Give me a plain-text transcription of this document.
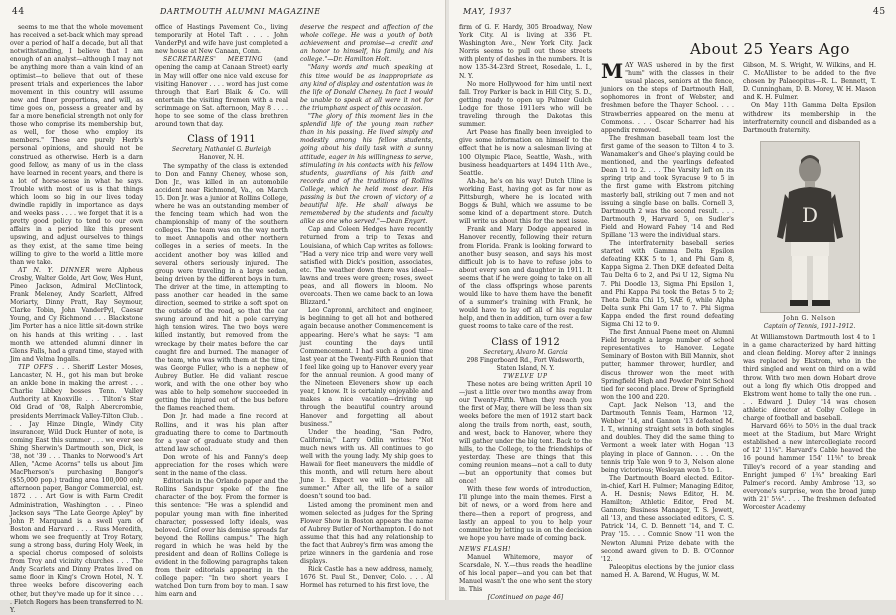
44	DARTMOUTH ALUMNI MAGAZINE

seems to me that the whole movement has received a set-back which may spread over a period of half a decade, but all that notwithstanding, I believe that I am enough of an analyst—although I may not be anything more than a vain kind of an optimist—to believe that out of these present trials and experiences the labor movement in this country will assume new and finer proportions, and will, as time goes on, possess a greater and by far a more beneficial strength not only for those who comprise its membership but, as well, for those who employ its members." These are purely Herb's personal opinions, and should not be construed as otherwise. Herb is a darn good fellow, as many of us in the class have learned in recent years, and there is a lot of horse-sense in what he says. Trouble with most of us is that things which loom so big in our lives today dwindle rapidly in importance as days and weeks pass . . . . we forget that it is a pretty good policy to tend to our own affairs in a period like this present upswing, and adjust ourselves to things as they exist, at the same time being willing to give to the world a little more than we take.

AT N. Y. DINNER were Alpheus Crosby, Walter Golde, Art Gow, Wes Hunt, Pineo Jackson, Admiral McClintock, Frank Meleney, Andy Scarlett, Alfred Moriarty, Dinny Pratt, Ray Seymour, Clarke Tobin, John VanderPyl, Caesar Young, and Cy Richmond . . . Blackstone Jim Porter has a nice little sit-down strike on his hands at this writing . . . last month we attended alumni dinner in Glens Falls, had a grand time, stayed with Jim and Velma Ingalls.

TIP OFFS . . . Sheriff Lester Moses, Lancaster, N. H., got his man but broke an ankle bone in making the arrest . . . Charlie Libbey bosses Tenn. Valley Authority at Knoxville . . . Tilton's Star Old Grad of '08, Ralph Abercrombie, presidents Merrimack Valley-Tilton Club. . . . Jay Hinze Dingle, Windy City insurancer, Wild Duck Hunter of note, is coming East this summer . . . we ever see Shing Sherwin's Dartmouth son, Dick, is '38, not '39 . . . Thanks to Norwood's Art Allen, "Acme Acorns" tells us about Jim MacPherson's purchasing Bangor's ($55,000 pop.) trading area 100,000 only afternoon paper, Bangor Commercial, est. 1872 . . . Art Gow is with Farm Credit Administration, Washington . . . Pineo Jackson says "The Late George Apley" by John P. Marquand is a swell yarn of Boston and Harvard . . . . Russ Meredith, whom we see frequently at Troy Rotary, sung a strong bass, during Holy Week, in a special chorus composed of soloists from Troy and vicinity churches . . . The Andy Scarlets and Dinny Prates lived on same floor in King's Crown Hotel, N. Y. three weeks before discovering each other, but they've made up for it since . . . . Fletch Rogers has been transferred to N. Y.

office of Hastings Pavement Co., living temporarily at Hotel Taft . . . . John VanderPyl and wife have just completed a new house at New Canaan, Conn.

SECRETARIES' MEETING (and opening the camp at Canaan Street) early in May will offer one nice vald excuse for visiting Hanover . . . . word has just come through that Earl Blaik & Co. will entertain the visiting firemen with a real scrimmage on Sat. afternoon, May 8 . . . . hope to see some of the class brethren around town that day.

Class of 1911

Secretary, Nathaniel G. Burleigh

Hanover, N. H.

The sympathy of the class is extended to Don and Fanny Cheney, whose son, Don Jr., was killed in an automobile accident near Richmond, Va., on March 15. Don Jr. was a junior at Rollins College, where he was an outstanding member of the fencing team which had won the championship of many of the southern colleges. The team was on the way north to meet Annapolis and other northern colleges in a series of meets. In the accident another boy was killed and several others seriously injured. The group were traveling in a large sedan, being driven by the different boys in turn. The driver at the time, in attempting to pass another car headed in the same direction, seemed to strike a soft spot on the outside of the road, so that the car swung around and hit a pole carrying high tension wires. The two boys were killed instantly, but removed from the wreckage by their mates before the car caught fire and burned. The manager of the team, who was with them at the time, was George Fuller, who is a nephew of Aubrey Butler. He did valiant rescue work, and with the one other boy who was able to help somehow succeeded in getting the injured out of the bus before the flames reached them.

Don Jr. had made a fine record at Rollins, and it was his plan after graduating there to come to Dartmouth for a year of graduate study and then attend law school.

Don wrote of his and Fanny's deep appreciation for the roses which were sent in the name of the class.

Editorials in the Orlando paper and the Rollins Sandspur spoke of the fine character of the boy. From the former is this sentence: "He was a splendid and popular young man with fine inherited character, possessed lofty ideals, was beloved. Grief over his demise spreads far beyond the Rollins campus." The high regard in which he was held by the president and dean of Rollins College is evident in the following paragraphs taken from their editorials appearing in the college paper: "In two short years I watched Don turn from boy to man. I saw him earn and

deserve the respect and affection of the whole college. He was a youth of both achievement and promise—a credit and an honor to himself, his family, and his college."—Dr. Hamilton Holt.

"Many words and much speaking at this time would be as inappropriate as any kind of display and ostentation was in the life of Donald Cheney. In fact I would be unable to speak at all were it not for the triumphant aspect of this occasion.

"The glory of this moment lies in the splendid life of the young man rather than in his passing. He lived simply and modestly among his fellow students, going about his daily task with a sunny attitude, eager in his willingness to serve, stimulating in his contacts with his fellow students, guardians of his faith and records and of the traditions of Rollins College, which he held most dear. His passing is but the crown of victory of a beautiful life. He shall always be remembered by the students and faculty alike as one who served."—Dean Enyart.

Cap and Coleen Hedges have recently returned from a trip to Texas and Louisiana, of which Cap writes as follows: "Had a very nice trip and were very well satisfied with Dick's position, associates, etc. The weather down there was ideal—lawns and trees were green; roses, sweet peas, and all flowers in bloom. No overcoats. Then we came back to an Iowa Blizzard."

Leo Capronni, architect and engineer, is beginning to get all hot and bothered again because another Commencement is appearing. Here's what he says: "I am just counting the days until Commencement. I had such a good time last year at the Twenty-Fifth Reunion that I feel like going up to Hanover every year for the annual reunion. A good many of the Nineteen Eleveners show up each year, I know. It is certainly enjoyable and makes a nice vacation—driving up through the beautiful country around Hanover and forgetting all about business."

Under the heading, "San Pedro, California," Larry Odlin writes: "Not much news with us. All continues to go well with the young lady. My ship goes to Hawaii for fleet maneuvers the middle of this month, and will return here about June 1. Expect we will be here all summer." After all, the life of a sailor doesn't sound too bad.

Listed among the prominent men and women selected as judges for the Spring Flower Show in Boston appears the name of Aubrey Butler of Northampton. I do not assume that this had any relationship to the fact that Aubrey's firm was among the prize winners in the gardenia and rose displays.

Rick Castle has a new address, namely, 1676 St. Paul St., Denver, Colo. . . . Al Hormel has returned to his first love, the

MAY, 1937	45
About 25 Years Ago

firm of G. F. Hardy, 305 Broadway, New York City. Al is living at 336 Ft. Washington Ave., New York City. Jack Norris seems to pull out those streets with plenty of dashes in the numbers. It is now 135-34-23rd Street, Rosedale, L. I., N. Y.

No more Hollywood for him until next fall. Troy Parker is back in Hill City, S. D., getting ready to open up Palmer Gulch Lodge for those 1911ers who will be traveling through the Dakotas this summer.

Art Pease has finally been inveigled to give some information on himself to the effect that he is now a salesman living at 100 Olympic Place, Seattle, Wash., with business headquarters at 1494 11th Ave., Seattle.

Ah-ha, he's on his way! Dutch Uline is working East, having got as far now as Pittsburgh, where he is located with Boggs & Buhl, which we assume to be some kind of a department store. Dutch will write us about this for the next issue.

Frank and Mary Dodge appeared in Hanover recently, following their return from Florida. Frank is looking forward to another busy season, and says his most difficult job is to have to refuse jobs to about every son and daughter in 1911. It seems that if he were going to take on all of the class offsprings whose parents would like to have them have the benefit of a summer's training with Frank, he would have to lay off all of his regular help, and then in addition, turn over a few guest rooms to take care of the rest.

Class of 1912

Secretary, Alvaro M. Garcia

298 Fingerboard Rd., Fort Wadsworth, Staten Island, N. Y.

TWELVE UP

These notes are being written April 10—just a little over two months away from our Twenty-Fifth. When they reach you the first of May, there will be less than six weeks before the men of 1912 start back along the trails from north, east, south, and west, back to Hanover, where they will gather under the big tent. Back to the hills, to the College, to the friendships of yesterday. These are things that this coming reunion means—not a call to duty—but an opportunity that comes but once!

With these few words of introduction, I'll plunge into the main themes. First a bit of news, or a word from here and there—then a report of progress, and lastly an appeal to you to help your committee by letting us in on the decision we hope you have made of coming back.

NEWS FLASH!

Manuel Whitemore, mayor of Scarsdale, N. Y.—thus reads the headline of his local paper—and you can bet that Manuel wasn't the one who sent the story in. This

[Continued on page 46]

MAY WAS ushered in by the first "hum" with the classes in their usual places, seniors at the fence, juniors on the steps of Dartmouth Hall, sophomores in front of Webster, and freshmen before the Thayer School. . . . Strawberries appeared on the menu at Commons. . . . Oscar Scharrer had his appendix removed.

The freshman baseball team lost the first game of the season to Tilton 4 to 3. Wanamaker's and Ghee's playing could be mentioned, and the yearlings defeated Dean 11 to 2. . . . The Varsity left on its spring trip and took Syracuse 9 to 5 in the first game with Ekstrom pitching masterly ball, striking out 7 men and not issuing a single base on balls. Cornell 3, Dartmouth 2 was the second result. . . . Dartmouth 9, Harvard 5, on Sudler's Field and Howard Fahey '14 and Red Spillane '13 were the individual stars.

The interfraternity baseball series started with Gamma Delta Epsilon defeating KKK 5 to 1, and Phi Gam 8, Kappa Sigma 2. Then DKE defeated Delta Tau Delta 6 to 2, and Psi U 12, Sigma Nu 7. Phi Doodle 13, Sigma Phi Epsilon 1, and Phi Kappa Psi took the Betas 5 to 2; Theta Delta Chi 15, SAE 6, while Alpha Delta sunk Phi Gam 17 to 7. Phi Sigma Kappa ended the first round defeating Sigma Chi 12 to 9.

The first Annual Paene meet on Alumni Field brought a large number of school representatives to Hanover. Legate Seminary of Boston with Bill Mannix, shot putter, hammer thrower, hurdler, and discus thrower won the meet with Springfield High and Powder Point School tied for second place. Drew of Springfield won the 100 and 220.

Capt. Jack Nelson '13, and the Dartmouth Tennis Team, Harmon '12, Webber '14, and Gannon '13 defeated M. I. T., winning straight sets in both singles and doubles. They did the same thing to Vermont a week later with Hogan '13 playing in place of Gannon. . . . On the tennis trip Yale won 9 to 3, Nelson alone being victorious; Wesleyan won 5 to 1.

The Dartmouth Board elected. Editor-in-chief, Karl H. Fulmer; Managing Editor, A. H. Desnis; News Editor, H. M. Hamilton; Athletic Editor, Fred M. Gannon; Business Manager, T. S. Jewett, all '13, and these associated editors, C. S. Patrick '14, C. D. Bennett '14, and T. C. Pray '15. . . . Comnic Snow '11 won the Newton Alumni Prize debate with the second award given to D. B. O'Connor '12.

Paleopitus elections by the junior class named H. A. Barend, W. Hugus, W. M.

Gibson, M. S. Wright, W. Wilkins, and H. C. McAllister to be added to the five chosen by Palaeopitus—R. L. Bennett, T. D. Cunningham, D. B. Morey, W. H. Mason and K. H. Fulmer.

On May 11th Gamma Delta Epsilon withdrew its membership in the interfraternity council and disbanded as a Dartmouth fraternity.

D
John G. Nelson
Captain of Tennis, 1911-1912.

At Williamstown Dartmouth lost 4 to 1 in a game characterized by hard hitting and clean fielding. Morey after 2 innings was replaced by Ekstrom, who in the third singled and went on third on a wild throw. With two men down Hobart drove out a long fly which Otis dropped and Ekstrom went home to tally the one run. . . . Edward J. Duley '14 was chosen athletic director at Colby College in charge of football and baseball.

Harvard 66½ to 50½ in the dual track meet at the Stadium, but Marc Wright established a new intercollegiate record of 12' 11⅛". Harvard's Cable heaved the 16 pound hammer 154' 11⅝" to break Tilley's record of a year standing and Enright jumped 6' 1¾" breaking Earl Palmer's record. Amby Ambrose '13, so everyone's surprise, won the broad jump with 21' 5⅛". . . . The freshmen defeated Worcester Academy
